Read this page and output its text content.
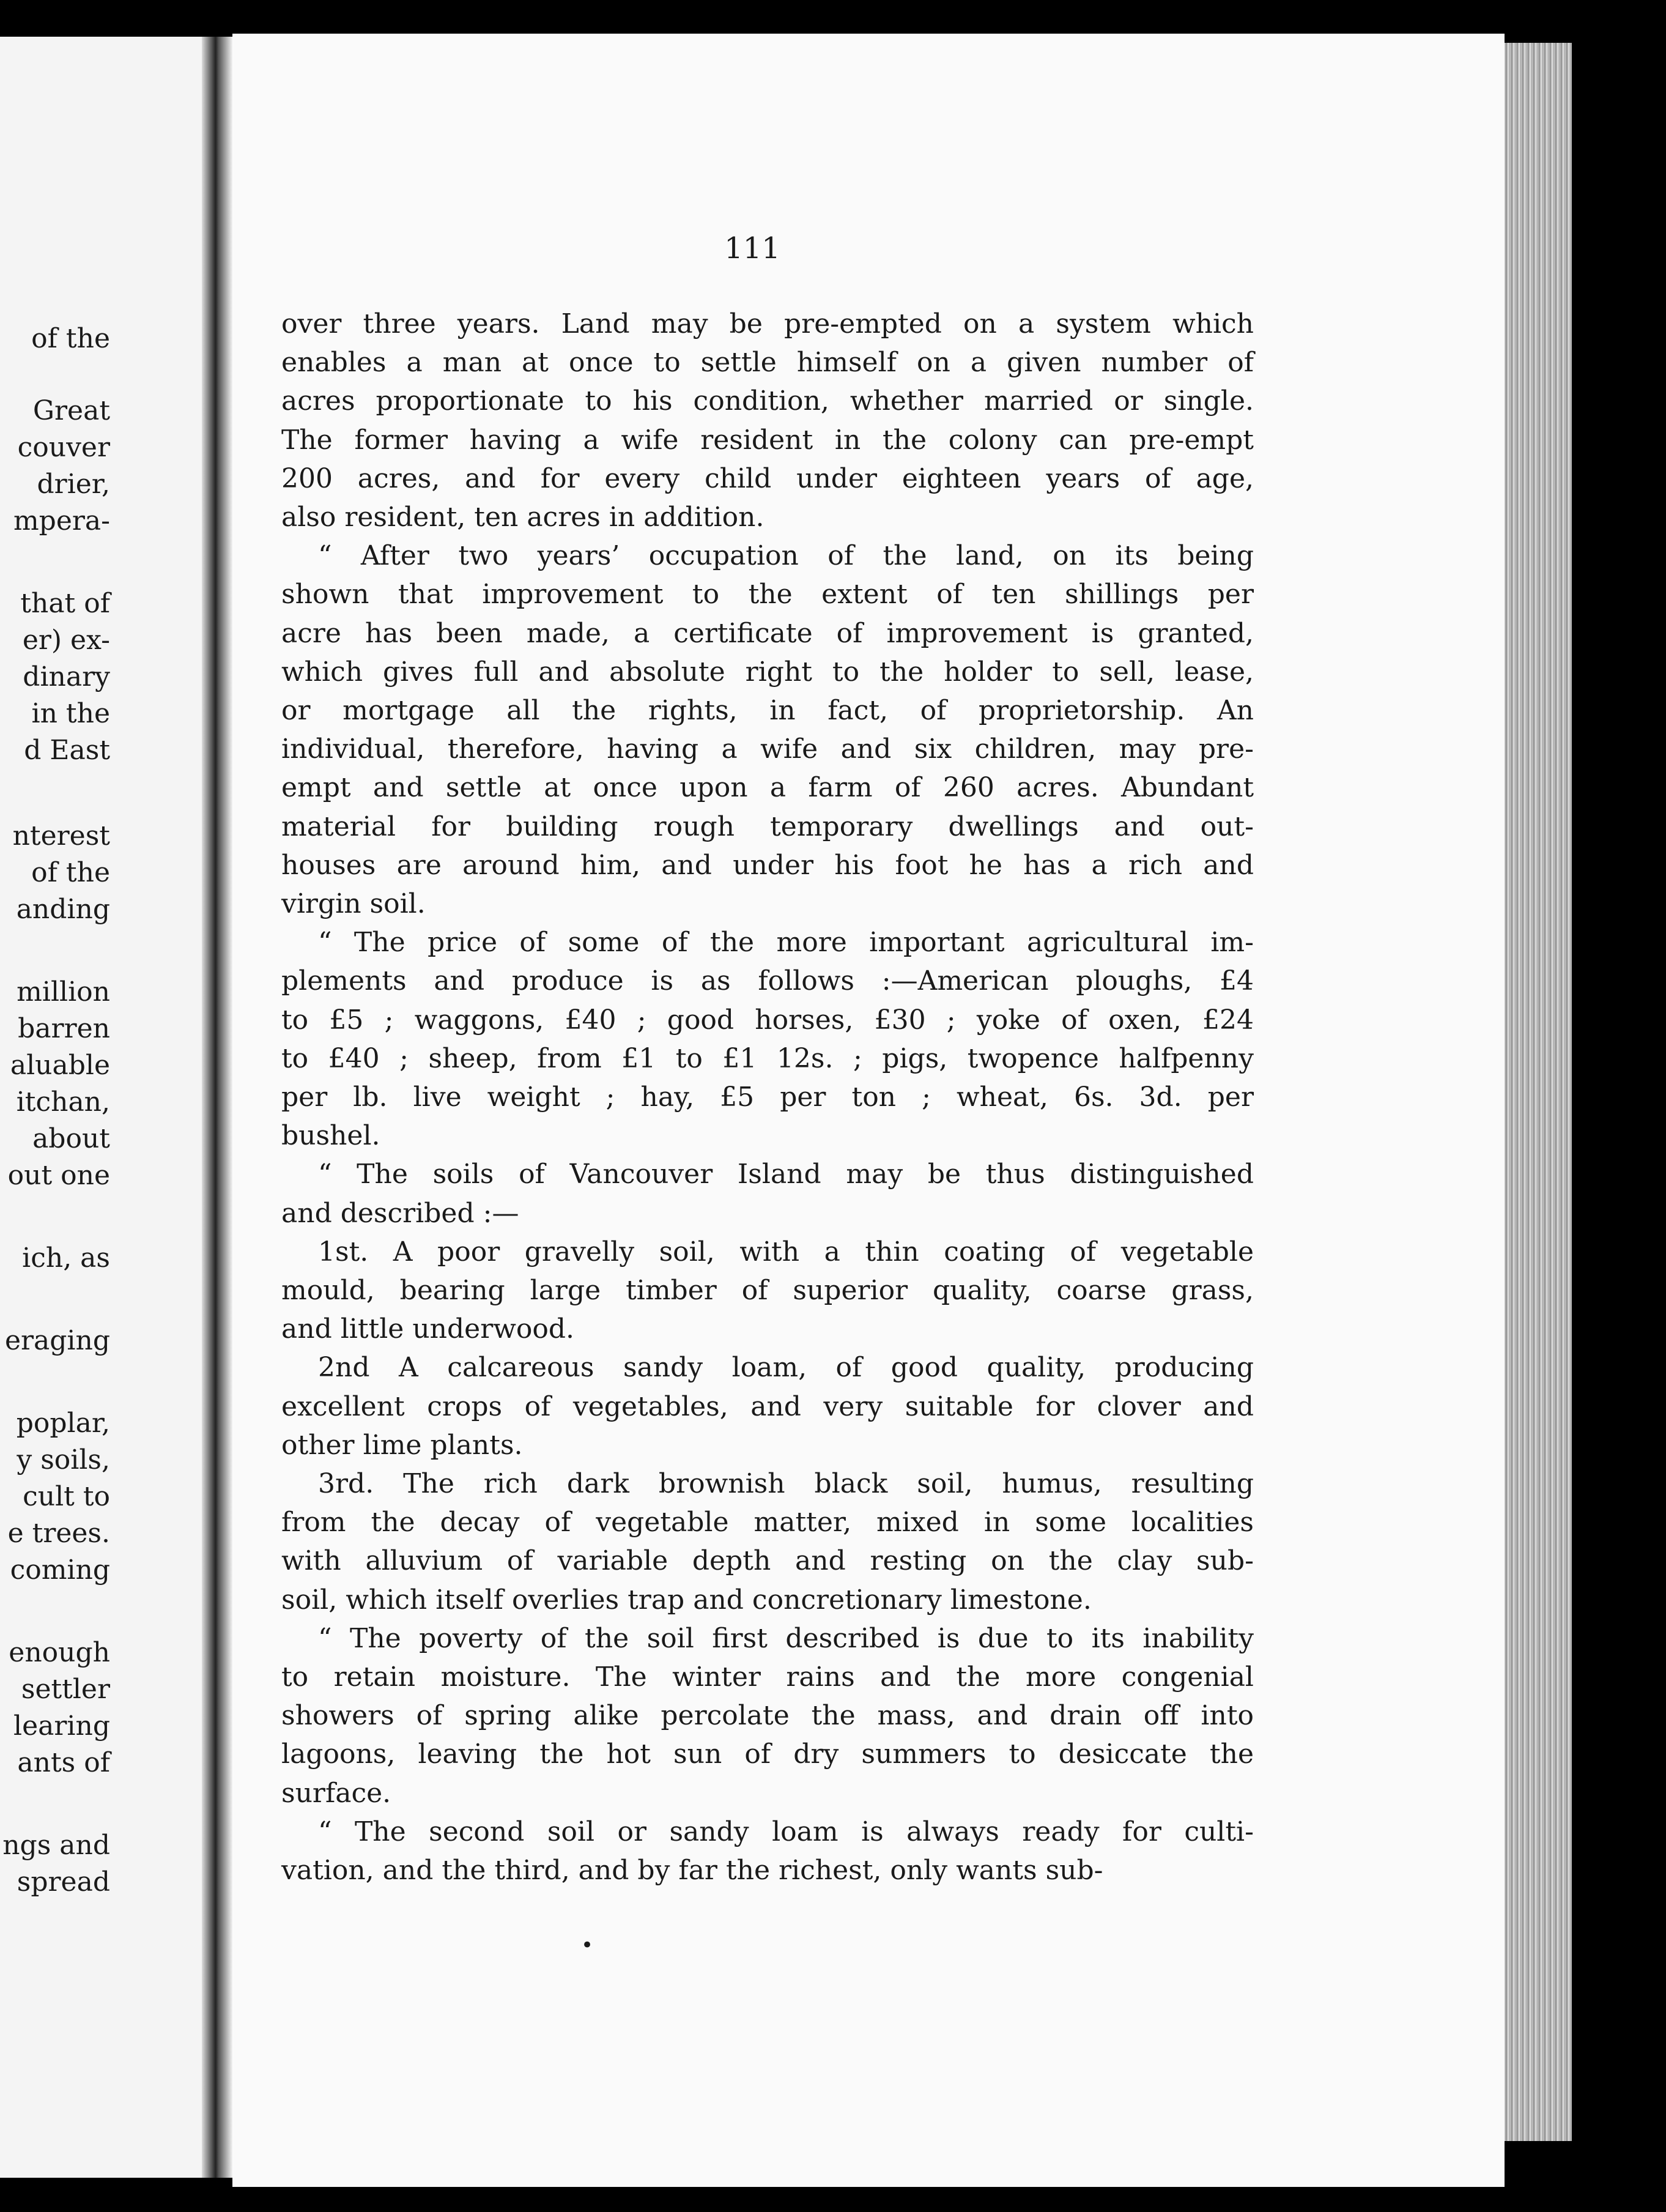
of the

Great

couver

drier,

mpera-

that of

er) ex-

dinary

in the

d East

nterest

of the

anding

million

barren

aluable

itchan,

about

out one

ich, as

eraging

poplar,

y soils,

cult to

e trees.

coming

enough

settler

learing

ants of

ngs and

spread

111

over three years. Land may be pre-empted on a system which

enables a man at once to settle himself on a given number of

acres proportionate to his condition, whether married or single.

The former having a wife resident in the colony can pre-empt

200 acres, and for every child under eighteen years of age,

also resident, ten acres in addition.

“ After two years’ occupation of the land, on its being

shown that improvement to the extent of ten shillings per

acre has been made, a certificate of improvement is granted,

which gives full and absolute right to the holder to sell, lease,

or mortgage all the rights, in fact, of proprietorship. An

individual, therefore, having a wife and six children, may pre-

empt and settle at once upon a farm of 260 acres. Abundant

material for building rough temporary dwellings and out-

houses are around him, and under his foot he has a rich and

virgin soil.

“ The price of some of the more important agricultural im-

plements and produce is as follows :—American ploughs, £4

to £5 ; waggons, £40 ; good horses, £30 ; yoke of oxen, £24

to £40 ; sheep, from £1 to £1 12s. ; pigs, twopence halfpenny

per lb. live weight ; hay, £5 per ton ; wheat, 6s. 3d. per

bushel.

“ The soils of Vancouver Island may be thus distinguished

and described :—

1st. A poor gravelly soil, with a thin coating of vegetable

mould, bearing large timber of superior quality, coarse grass,

and little underwood.

2nd A calcareous sandy loam, of good quality, producing

excellent crops of vegetables, and very suitable for clover and

other lime plants.

3rd. The rich dark brownish black soil, humus, resulting

from the decay of vegetable matter, mixed in some localities

with alluvium of variable depth and resting on the clay sub-

soil, which itself overlies trap and concretionary limestone.

“ The poverty of the soil first described is due to its inability

to retain moisture. The winter rains and the more congenial

showers of spring alike percolate the mass, and drain off into

lagoons, leaving the hot sun of dry summers to desiccate the

surface.

“ The second soil or sandy loam is always ready for culti-

vation, and the third, and by far the richest, only wants sub-

•
